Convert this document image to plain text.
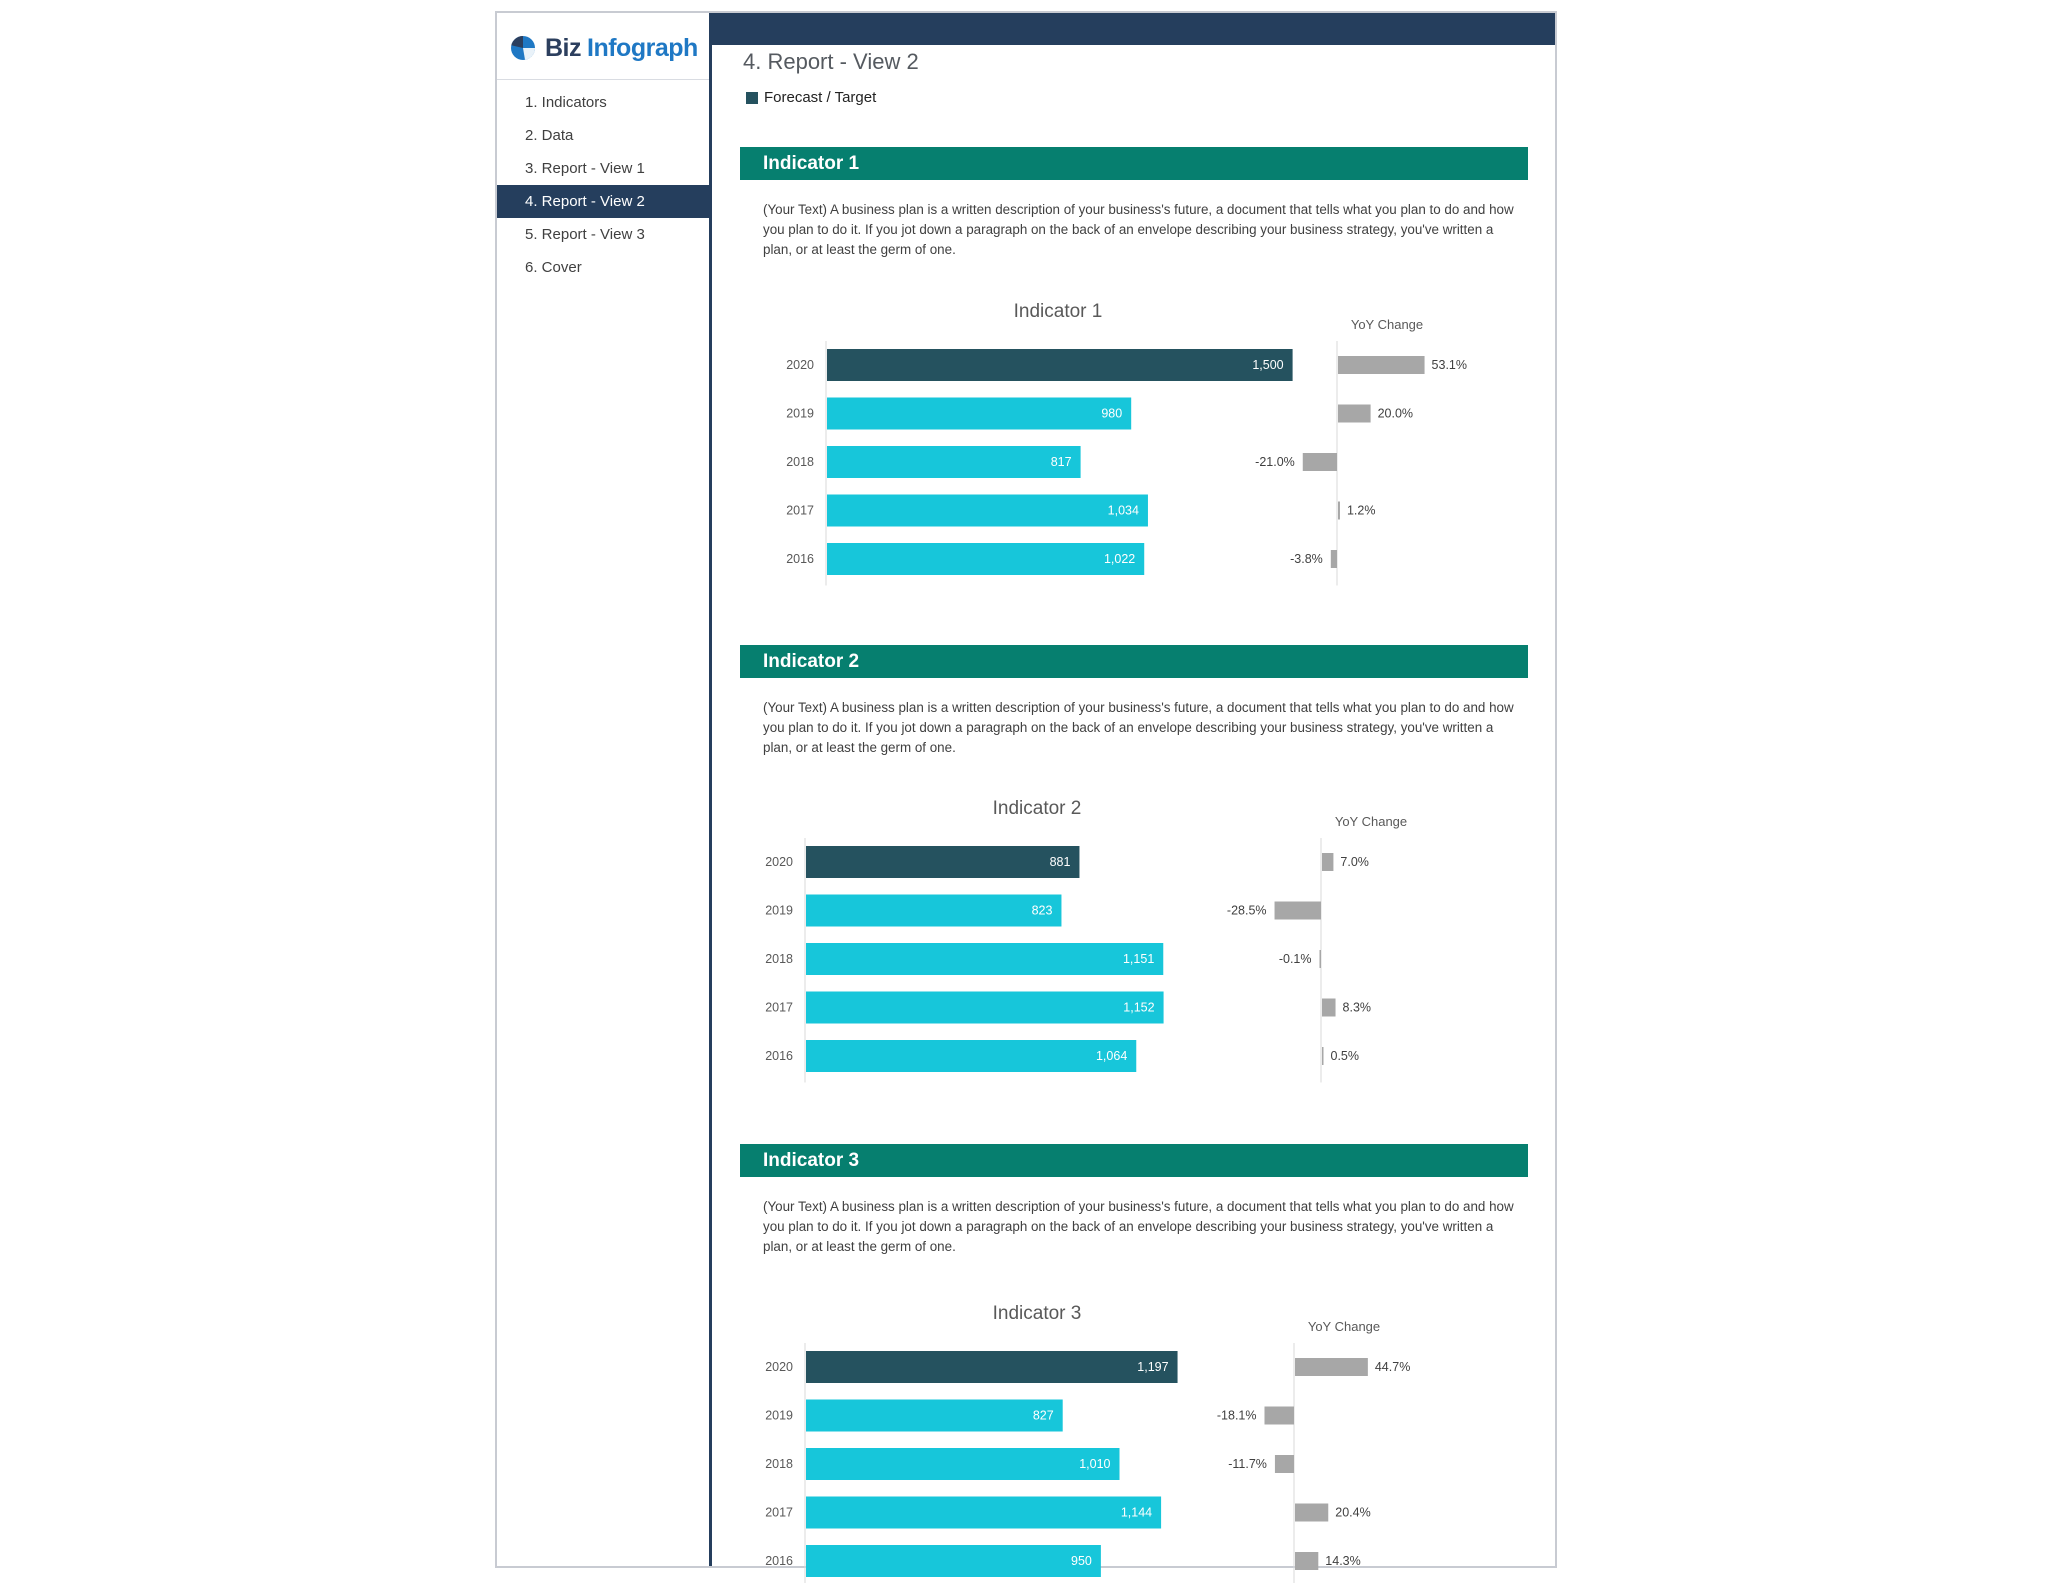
Biz Infograph
1. Indicators
2. Data
3. Report - View 1
4. Report - View 2
5. Report - View 3
6. Cover
4. Report - View 2
Forecast / Target
Indicator 1

(Your Text) A business plan is a written description of your business's future, a document that tells what you plan to do and how you plan to do it. If you jot down a paragraph on the back of an envelope describing your business strategy, you've written a plan, or at least the germ of one.

Indicator 1
YoY Change
2020	1,500	53.1%
2019	980	20.0%
2018	817	-21.0%
2017	1,034	1.2%
2016	1,022	-3.8%
Indicator 2

(Your Text) A business plan is a written description of your business's future, a document that tells what you plan to do and how you plan to do it. If you jot down a paragraph on the back of an envelope describing your business strategy, you've written a plan, or at least the germ of one.

Indicator 2
YoY Change
2020	881	7.0%
2019	823	-28.5%
2018	1,151	-0.1%
2017	1,152	8.3%
2016	1,064	0.5%
Indicator 3

(Your Text) A business plan is a written description of your business's future, a document that tells what you plan to do and how you plan to do it. If you jot down a paragraph on the back of an envelope describing your business strategy, you've written a plan, or at least the germ of one.

Indicator 3
YoY Change
2020	1,197	44.7%
2019	827	-18.1%
2018	1,010	-11.7%
2017	1,144	20.4%
2016	950	14.3%
